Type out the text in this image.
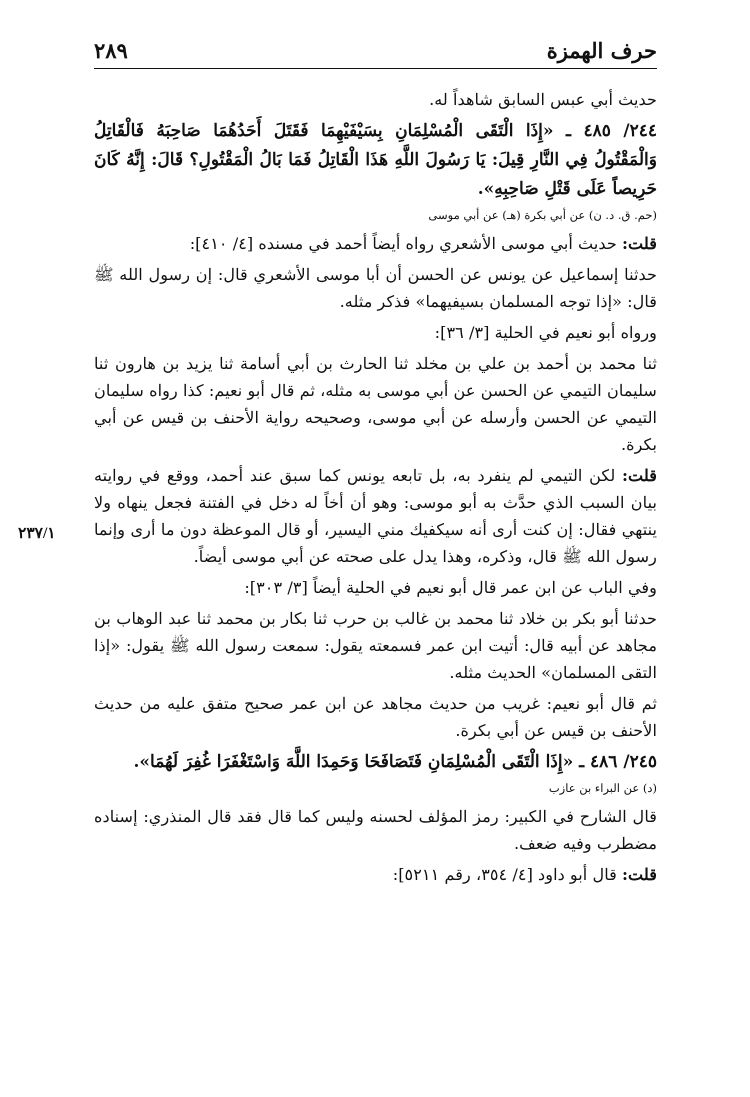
حرف الهمزة
٢٨٩
٢٣٧/١

حديث أبي عبس السابق شاهداً له.

٢٤٤/ ٤٨٥ ـ «إِذَا الْتَقَى الْمُسْلِمَانِ بِسَيْفَيْهِمَا فَقَتَلَ أَحَدُهُمَا صَاحِبَهُ فَالْقَاتِلُ وَالْمَقْتُولُ فِي النَّارِ قِيلَ: يَا رَسُولَ اللَّهِ هَذَا الْقَاتِلُ فَمَا بَالُ الْمَقْتُولِ؟ قَالَ: إِنَّهُ كَانَ حَرِيصاً عَلَى قَتْلِ صَاحِبِهِ».

(حم. ق. د. ن) عن أبي بكرة (هـ) عن أبي موسى

قلت: حديث أبي موسى الأشعري رواه أيضاً أحمد في مسنده [٤/ ٤١٠]:

حدثنا إسماعيل عن يونس عن الحسن أن أبا موسى الأشعري قال: إن رسول الله ﷺ قال: «إذا توجه المسلمان بسيفيهما» فذكر مثله.

ورواه أبو نعيم في الحلية [٣/ ٣٦]:

ثنا محمد بن أحمد بن علي بن مخلد ثنا الحارث بن أبي أسامة ثنا يزيد بن هارون ثنا سليمان التيمي عن الحسن عن أبي موسى به مثله، ثم قال أبو نعيم: كذا رواه سليمان التيمي عن الحسن وأرسله عن أبي موسى، وصحيحه رواية الأحنف بن قيس عن أبي بكرة.

قلت: لكن التيمي لم ينفرد به، بل تابعه يونس كما سبق عند أحمد، ووقع في روايته بيان السبب الذي حدَّث به أبو موسى: وهو أن أخاً له دخل في الفتنة فجعل ينهاه ولا ينتهي فقال: إن كنت أرى أنه سيكفيك مني اليسير، أو قال الموعظة دون ما أرى وإنما رسول الله ﷺ قال، وذكره، وهذا يدل على صحته عن أبي موسى أيضاً.

وفي الباب عن ابن عمر قال أبو نعيم في الحلية أيضاً [٣/ ٣٠٣]:

حدثنا أبو بكر بن خلاد ثنا محمد بن غالب بن حرب ثنا بكار بن محمد ثنا عبد الوهاب بن مجاهد عن أبيه قال: أتيت ابن عمر فسمعته يقول: سمعت رسول الله ﷺ يقول: «إذا التقى المسلمان» الحديث مثله.

ثم قال أبو نعيم: غريب من حديث مجاهد عن ابن عمر صحيح متفق عليه من حديث الأحنف بن قيس عن أبي بكرة.

٢٤٥/ ٤٨٦ ـ «إِذَا الْتَقَى الْمُسْلِمَانِ فَتَصَافَحَا وَحَمِدَا اللَّهَ وَاسْتَغْفَرَا غُفِرَ لَهُمَا».

(د) عن البراء بن عازب

قال الشارح في الكبير: رمز المؤلف لحسنه وليس كما قال فقد قال المنذري: إسناده مضطرب وفيه ضعف.

قلت: قال أبو داود [٤/ ٣٥٤، رقم ٥٢١١]:
